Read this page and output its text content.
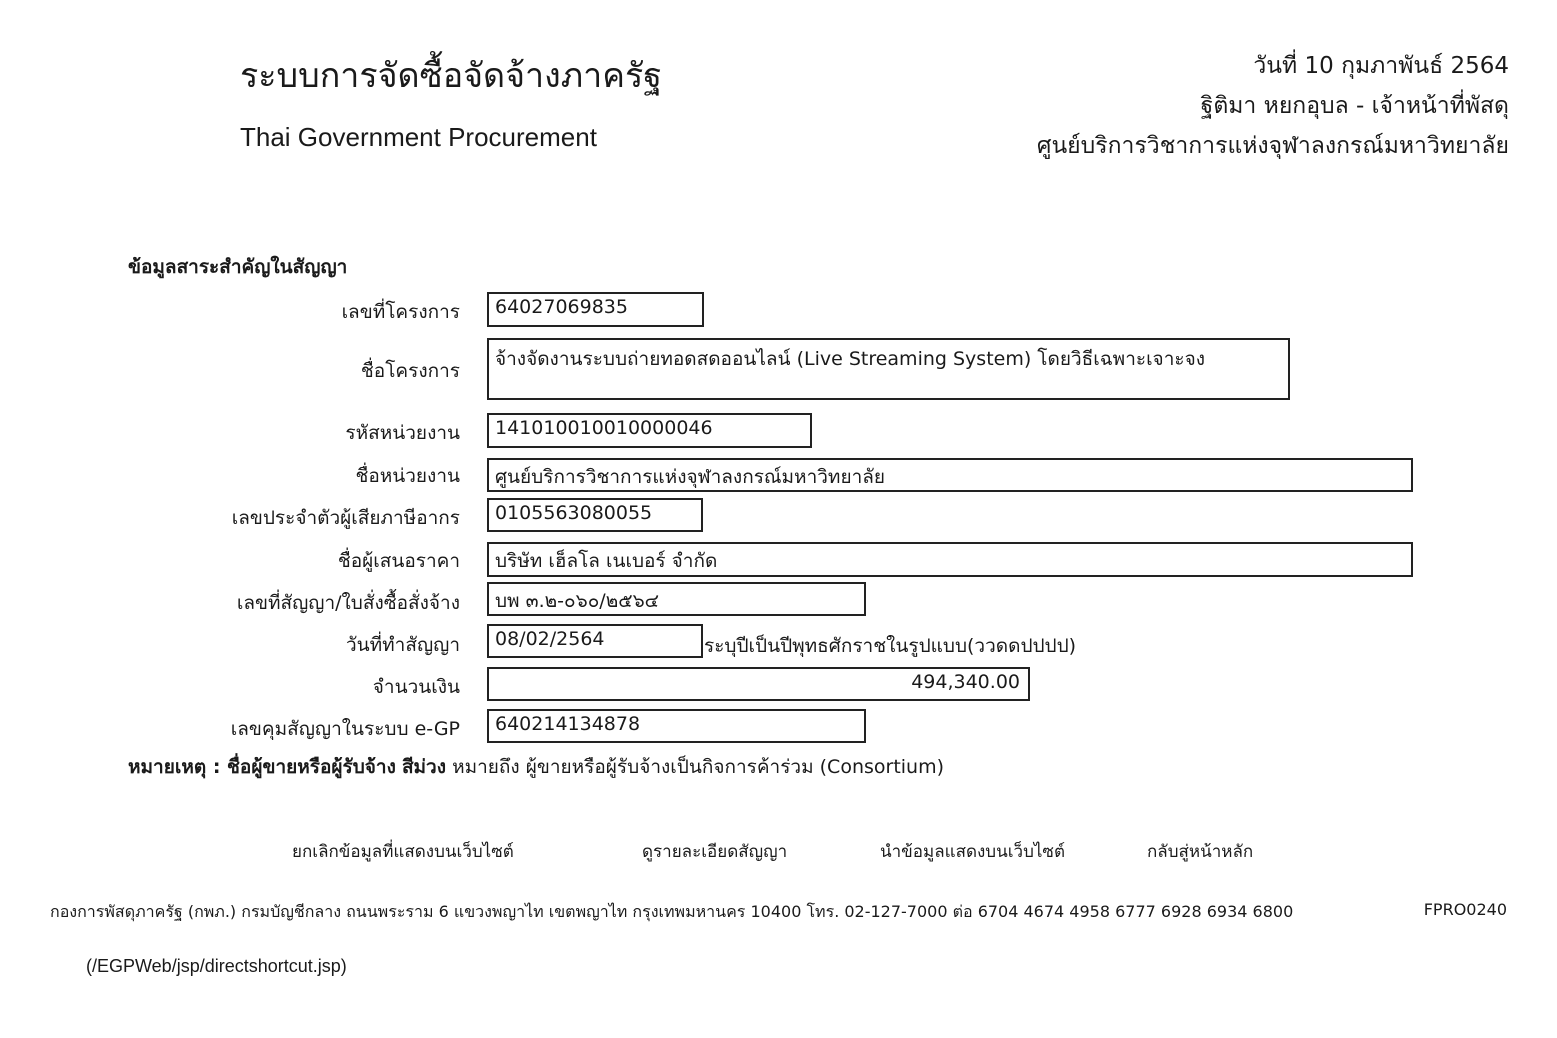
ระบบการจัดซื้อจัดจ้างภาครัฐ
Thai Government Procurement
วันที่ 10 กุมภาพันธ์ 2564
ฐิติมา หยกอุบล - เจ้าหน้าที่พัสดุ
ศูนย์บริการวิชาการแห่งจุฬาลงกรณ์มหาวิทยาลัย
ข้อมูลสาระสำคัญในสัญญา
เลขที่โครงการ	64027069835
ชื่อโครงการ
จ้างจัดงานระบบถ่ายทอดสดออนไลน์ (Live Streaming System) โดยวิธีเฉพาะเจาะจง
รหัสหน่วยงาน	141010010010000046
ชื่อหน่วยงาน	ศูนย์บริการวิชาการแห่งจุฬาลงกรณ์มหาวิทยาลัย
เลขประจำตัวผู้เสียภาษีอากร	0105563080055
ชื่อผู้เสนอราคา	บริษัท เฮ็ลโล เนเบอร์ จำกัด
เลขที่สัญญา/ใบสั่งซื้อสั่งจ้าง	บพ ๓.๒-๐๖๐/๒๕๖๔
วันที่ทำสัญญา	08/02/2564	ระบุปีเป็นปีพุทธศักราชในรูปแบบ(ววดดปปปป)
จำนวนเงิน	494,340.00
เลขคุมสัญญาในระบบ e-GP	640214134878
หมายเหตุ : ชื่อผู้ขายหรือผู้รับจ้าง สีม่วง หมายถึง ผู้ขายหรือผู้รับจ้างเป็นกิจการค้าร่วม (Consortium)
ยกเลิกข้อมูลที่แสดงบนเว็บไซต์	ดูรายละเอียดสัญญา	นำข้อมูลแสดงบนเว็บไซต์	กลับสู่หน้าหลัก
กองการพัสดุภาครัฐ (กพภ.) กรมบัญชีกลาง ถนนพระราม 6 แขวงพญาไท เขตพญาไท กรุงเทพมหานคร 10400 โทร. 02-127-7000 ต่อ 6704 4674 4958 6777 6928 6934 6800	FPRO0240
(/EGPWeb/jsp/directshortcut.jsp)
